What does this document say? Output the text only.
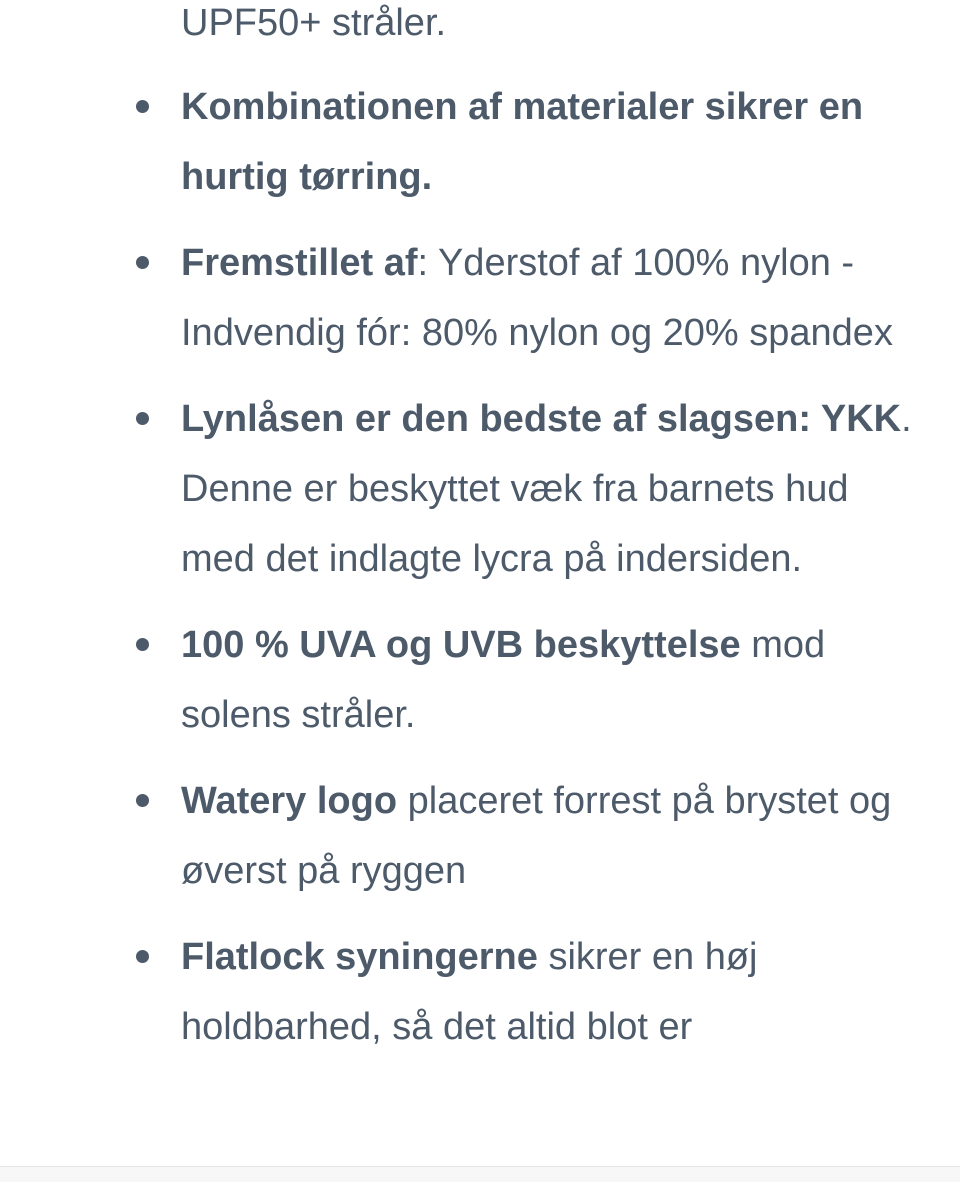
UPF50+ stråler.

Kombinationen af materialer sikrer en hurtig tørring.
Fremstillet af: Yderstof af 100% nylon - Indvendig fór: 80% nylon og 20% spandex
Lynlåsen er den bedste af slagsen: YKK. Denne er beskyttet væk fra barnets hud med det indlagte lycra på indersiden.
100 % UVA og UVB beskyttelse mod solens stråler.
Watery logo placeret forrest på brystet og øverst på ryggen
Flatlock syningerne sikrer en høj holdbarhed, så det altid blot er
